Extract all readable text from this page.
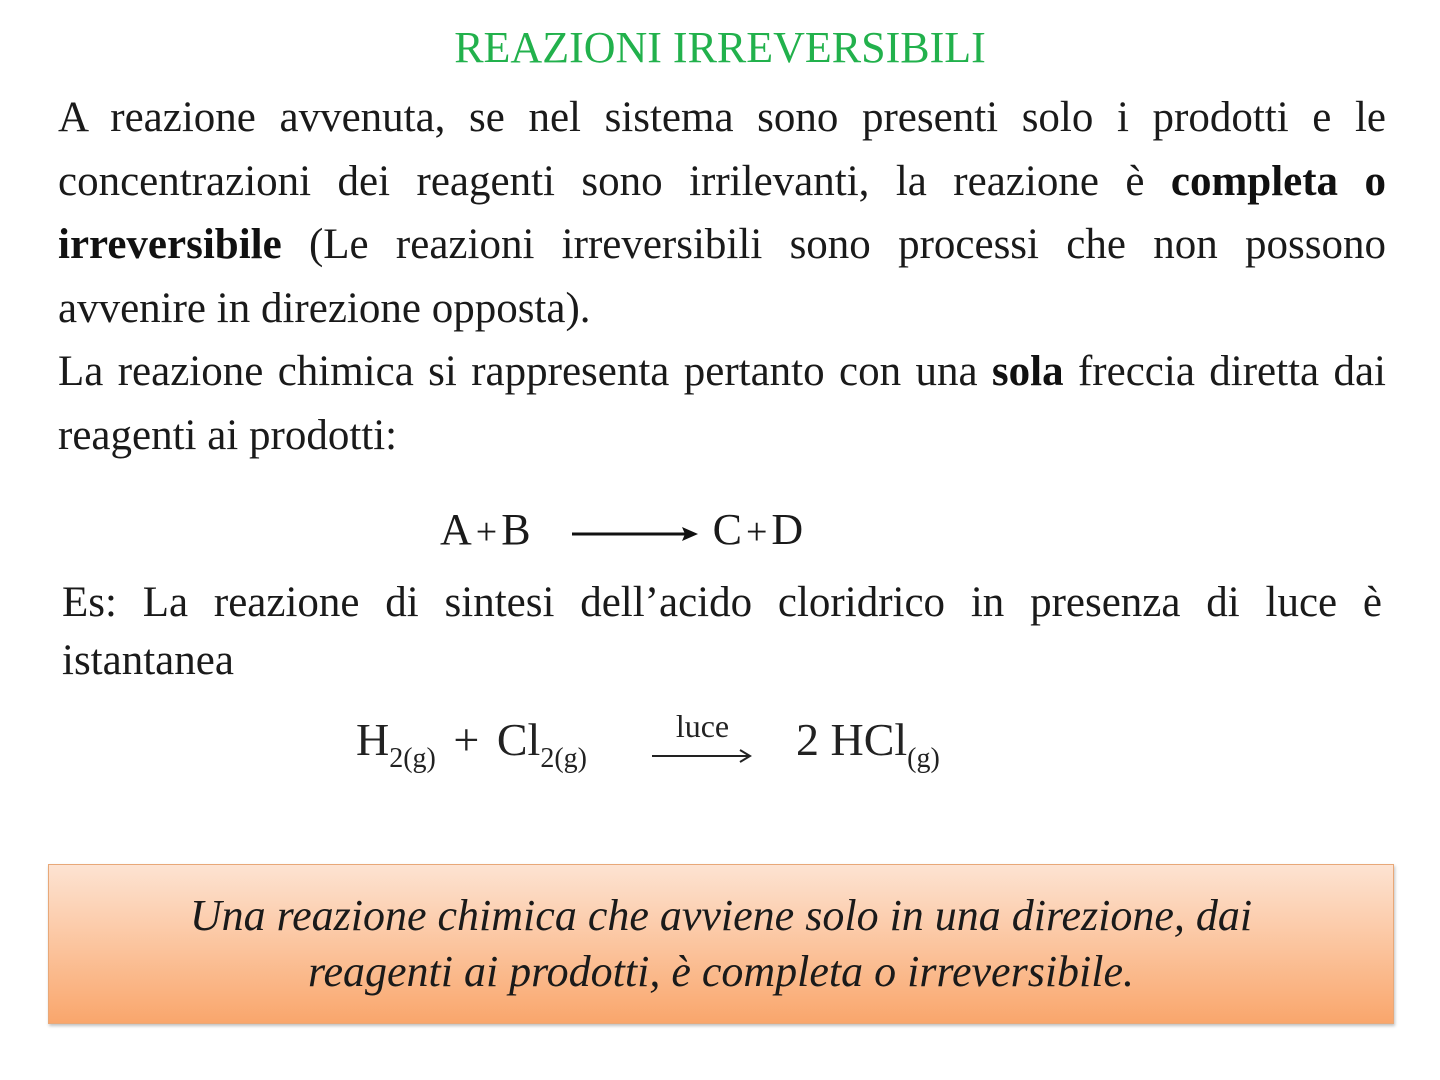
REAZIONI IRREVERSIBILI

A reazione avvenuta, se nel sistema sono presenti solo i prodotti e le concentrazioni dei reagenti sono irrilevanti, la reazione è completa o irreversibile (Le reazioni irreversibili sono processi che non possono avvenire in direzione opposta).

La reazione chimica si rappresenta pertanto con una sola freccia diretta dai reagenti ai prodotti:

A +B → C +D

Es: La reazione di sintesi dell’acido cloridrico in presenza di luce è istantanea

$H_{2(g)} + Cl_{2(g)}$
luce	2 HCl$_{(g)}$

Una reazione chimica che avviene solo in una direzione, dai
reagenti ai prodotti, è completa o irreversibile.
